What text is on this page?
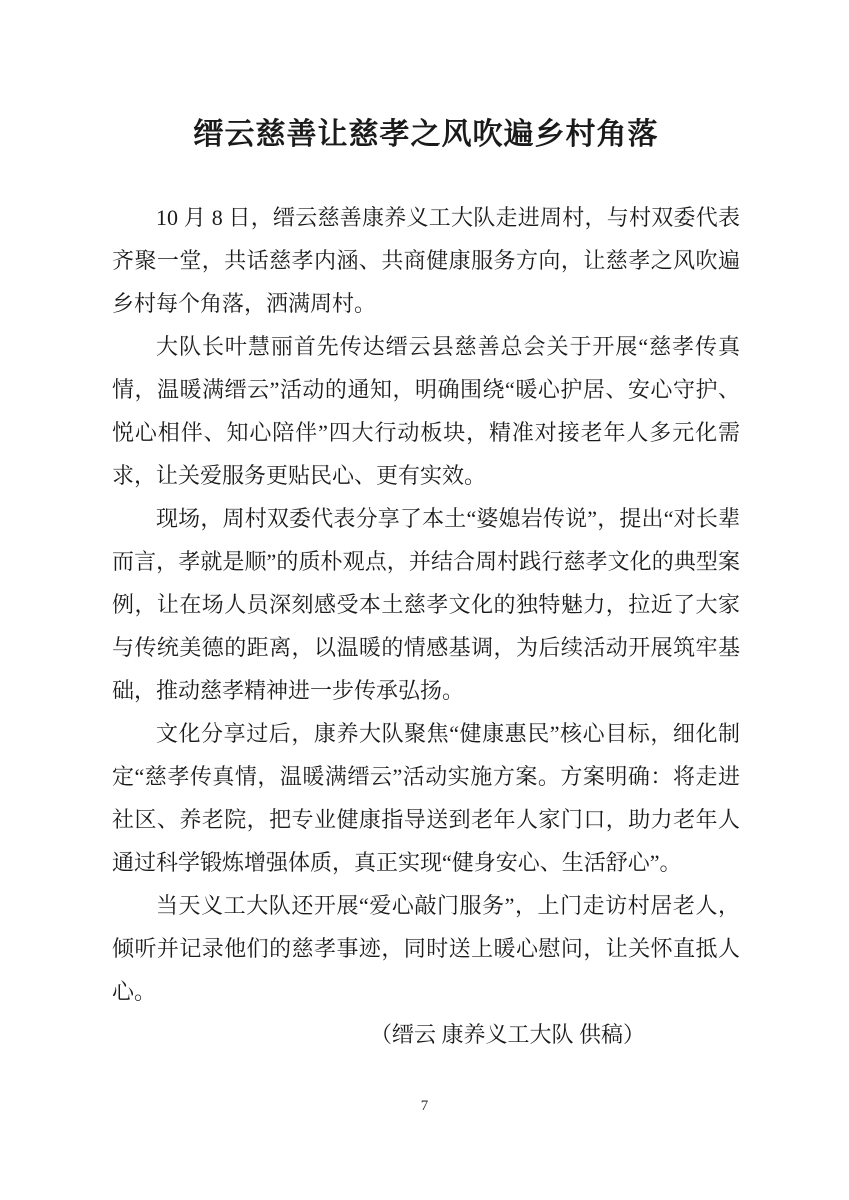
缙云慈善让慈孝之风吹遍乡村角落

10 月 8 日，缙云慈善康养义工大队走进周村，与村双委代表齐聚一堂，共话慈孝内涵、共商健康服务方向，让慈孝之风吹遍乡村每个角落，洒满周村。

大队长叶慧丽首先传达缙云县慈善总会关于开展“慈孝传真情，温暖满缙云”活动的通知，明确围绕“暖心护居、安心守护、悦心相伴、知心陪伴”四大行动板块，精准对接老年人多元化需求，让关爱服务更贴民心、更有实效。

现场，周村双委代表分享了本土“婆媳岩传说”，提出“对长辈而言，孝就是顺”的质朴观点，并结合周村践行慈孝文化的典型案例，让在场人员深刻感受本土慈孝文化的独特魅力，拉近了大家与传统美德的距离，以温暖的情感基调，为后续活动开展筑牢基础，推动慈孝精神进一步传承弘扬。

文化分享过后，康养大队聚焦“健康惠民”核心目标，细化制定“慈孝传真情，温暖满缙云”活动实施方案。方案明确：将走进社区、养老院，把专业健康指导送到老年人家门口，助力老年人通过科学锻炼增强体质，真正实现“健身安心、生活舒心”。

当天义工大队还开展“爱心敲门服务”，上门走访村居老人，倾听并记录他们的慈孝事迹，同时送上暖心慰问，让关怀直抵人心。

（缙云 康养义工大队 供稿）
7
